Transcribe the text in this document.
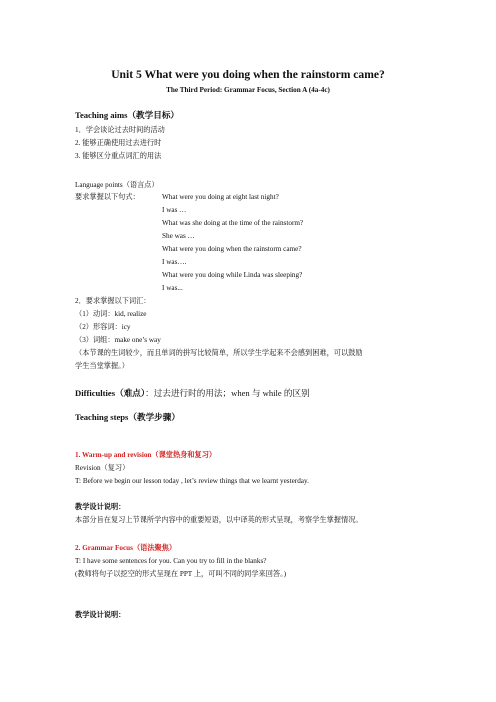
Unit 5 What were you doing when the rainstorm came?
The Third Period: Grammar Focus, Section A (4a-4c)
Teaching aims（教学目标）
1．学会谈论过去时间的活动
2. 能够正确使用过去进行时
3. 能够区分重点词汇的用法
Language points（语言点）
要求掌握以下句式：	What were you doing at eight last night?
I was …
What was she doing at the time of the rainstorm?
She was …
What were you doing when the rainstorm came?
I was….
What were you doing while Linda was sleeping?
I was...
2．要求掌握以下词汇：
（1）动词：kid, realize
（2）形容词：icy
（3）词组：make one’s way
（本节课的生词较少，而且单词的拼写比较简单，所以学生学起来不会感到困难，可以鼓励
学生当堂掌握。）
Difficulties（难点）：过去进行时的用法；when 与 while 的区别
Teaching steps（教学步骤）
1. Warm-up and revision（课堂热身和复习）
Revision（复习）
T: Before we begin our lesson today , let’s review things that we learnt yesterday.
教学设计说明：
本部分旨在复习上节课所学内容中的重要短语，以中译英的形式呈现，考察学生掌握情况。
2. Grammar Focus（语法聚焦）
T: I have some sentences for you. Can you try to fill in the blanks?
(教师将句子以挖空的形式呈现在 PPT 上，可叫不同的同学来回答。)
教学设计说明：
